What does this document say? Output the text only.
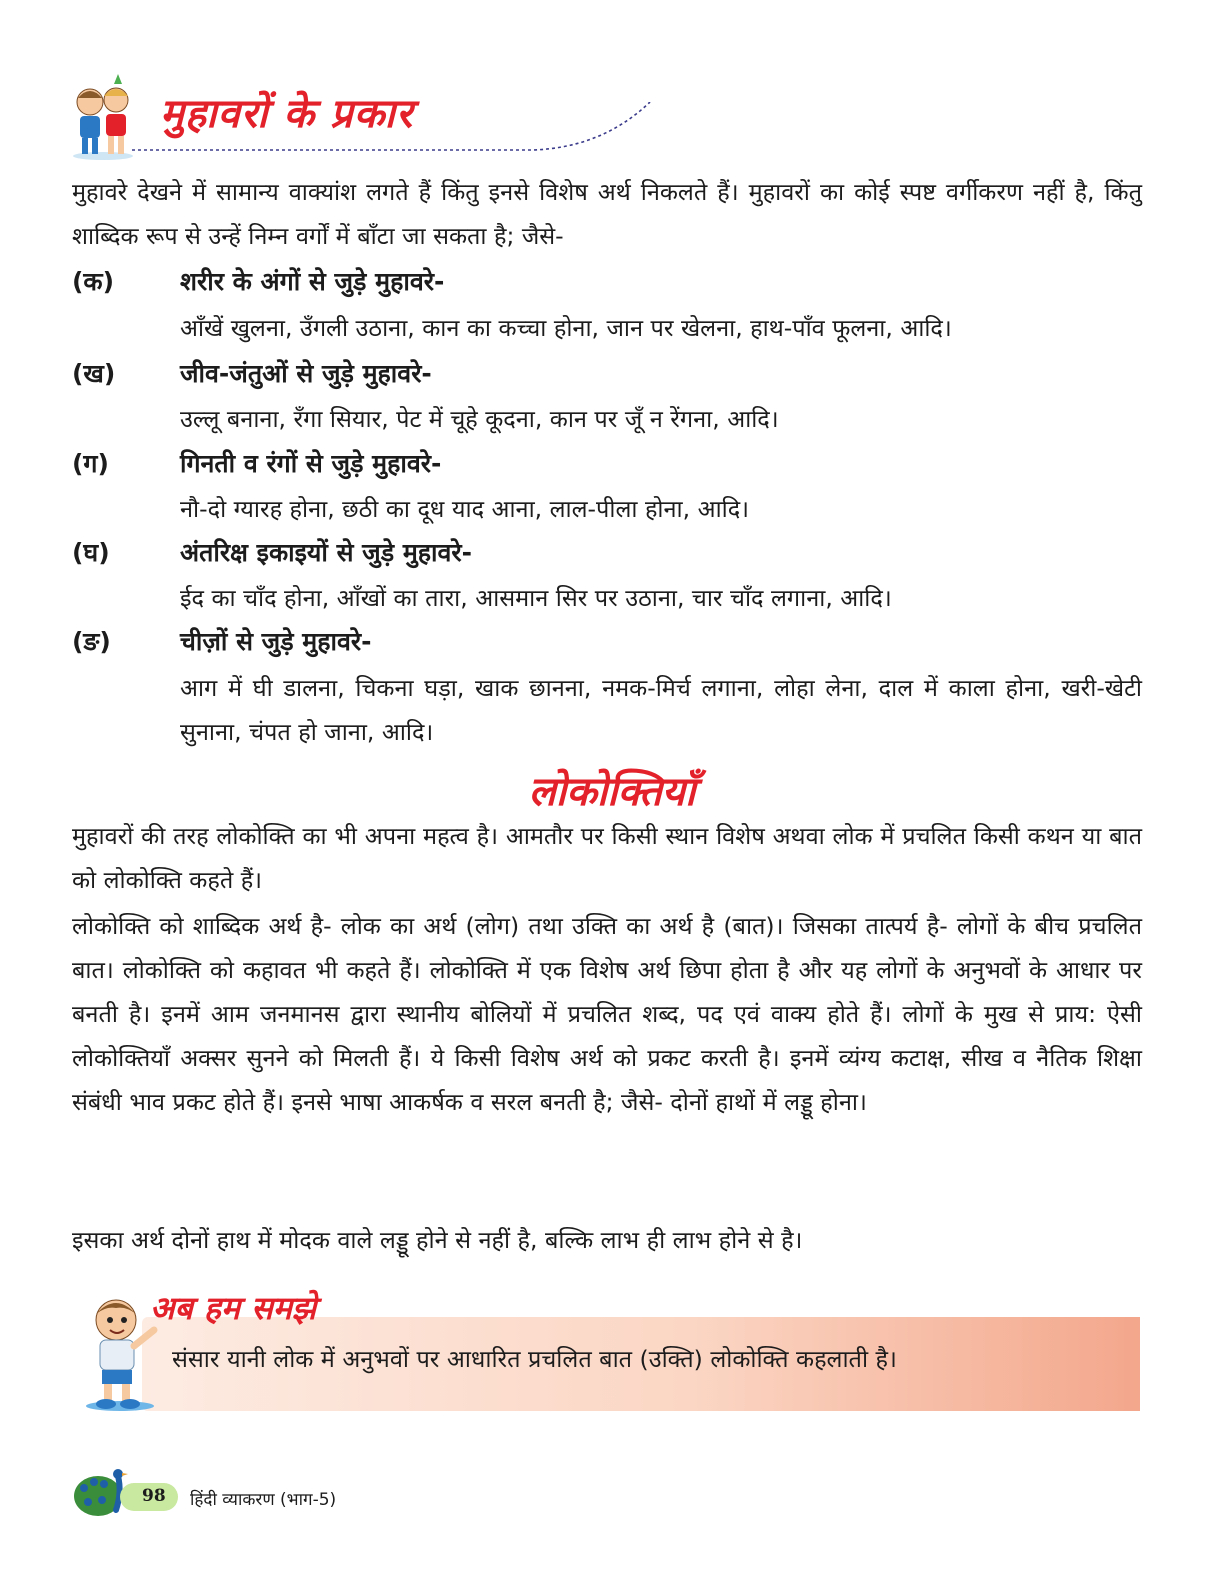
मुहावरों के प्रकार

मुहावरे देखने में सामान्य वाक्यांश लगते हैं किंतु इनसे विशेष अर्थ निकलते हैं। मुहावरों का कोई स्पष्ट वर्गीकरण नहीं है, किंतु शाब्दिक रूप से उन्हें निम्न वर्गों में बाँटा जा सकता है; जैसे-

(क)	शरीर के अंगों से जुड़े मुहावरे-

आँखें खुलना, उँगली उठाना, कान का कच्चा होना, जान पर खेलना, हाथ-पाँव फूलना, आदि।

(ख)	जीव-जंतुओं से जुड़े मुहावरे-

उल्लू बनाना, रँगा सियार, पेट में चूहे कूदना, कान पर जूँ न रेंगना, आदि।

(ग)	गिनती व रंगों से जुड़े मुहावरे-

नौ-दो ग्यारह होना, छठी का दूध याद आना, लाल-पीला होना, आदि।

(घ)	अंतरिक्ष इकाइयों से जुड़े मुहावरे-

ईद का चाँद होना, आँखों का तारा, आसमान सिर पर उठाना, चार चाँद लगाना, आदि।

(ङ)	चीज़ों से जुड़े मुहावरे-

आग में घी डालना, चिकना घड़ा, खाक छानना, नमक-मिर्च लगाना, लोहा लेना, दाल में काला होना, खरी-खेटी सुनाना, चंपत हो जाना, आदि।

लोकोक्तियाँ

मुहावरों की तरह लोकोक्ति का भी अपना महत्व है। आमतौर पर किसी स्थान विशेष अथवा लोक में प्रचलित किसी कथन या बात को लोकोक्ति कहते हैं।

लोकोक्ति को शाब्दिक अर्थ है- लोक का अर्थ (लोग) तथा उक्ति का अर्थ है (बात)। जिसका तात्पर्य है- लोगों के बीच प्रचलित बात। लोकोक्ति को कहावत भी कहते हैं। लोकोक्ति में एक विशेष अर्थ छिपा होता है और यह लोगों के अनुभवों के आधार पर बनती है। इनमें आम जनमानस द्वारा स्थानीय बोलियों में प्रचलित शब्द, पद एवं वाक्य होते हैं। लोगों के मुख से प्राय: ऐसी लोकोक्तियाँ अक्सर सुनने को मिलती हैं। ये किसी विशेष अर्थ को प्रकट करती है। इनमें व्यंग्य कटाक्ष, सीख व नैतिक शिक्षा संबंधी भाव प्रकट होते हैं। इनसे भाषा आकर्षक व सरल बनती है; जैसे- दोनों हाथों में लड्डू होना।

इसका अर्थ दोनों हाथ में मोदक वाले लड्डू होने से नहीं है, बल्कि लाभ ही लाभ होने से है।

संसार यानी लोक में अनुभवों पर आधारित प्रचलित बात (उक्ति) लोकोक्ति कहलाती है।

अब हम समझे

98 हिंदी व्याकरण (भाग-5)
